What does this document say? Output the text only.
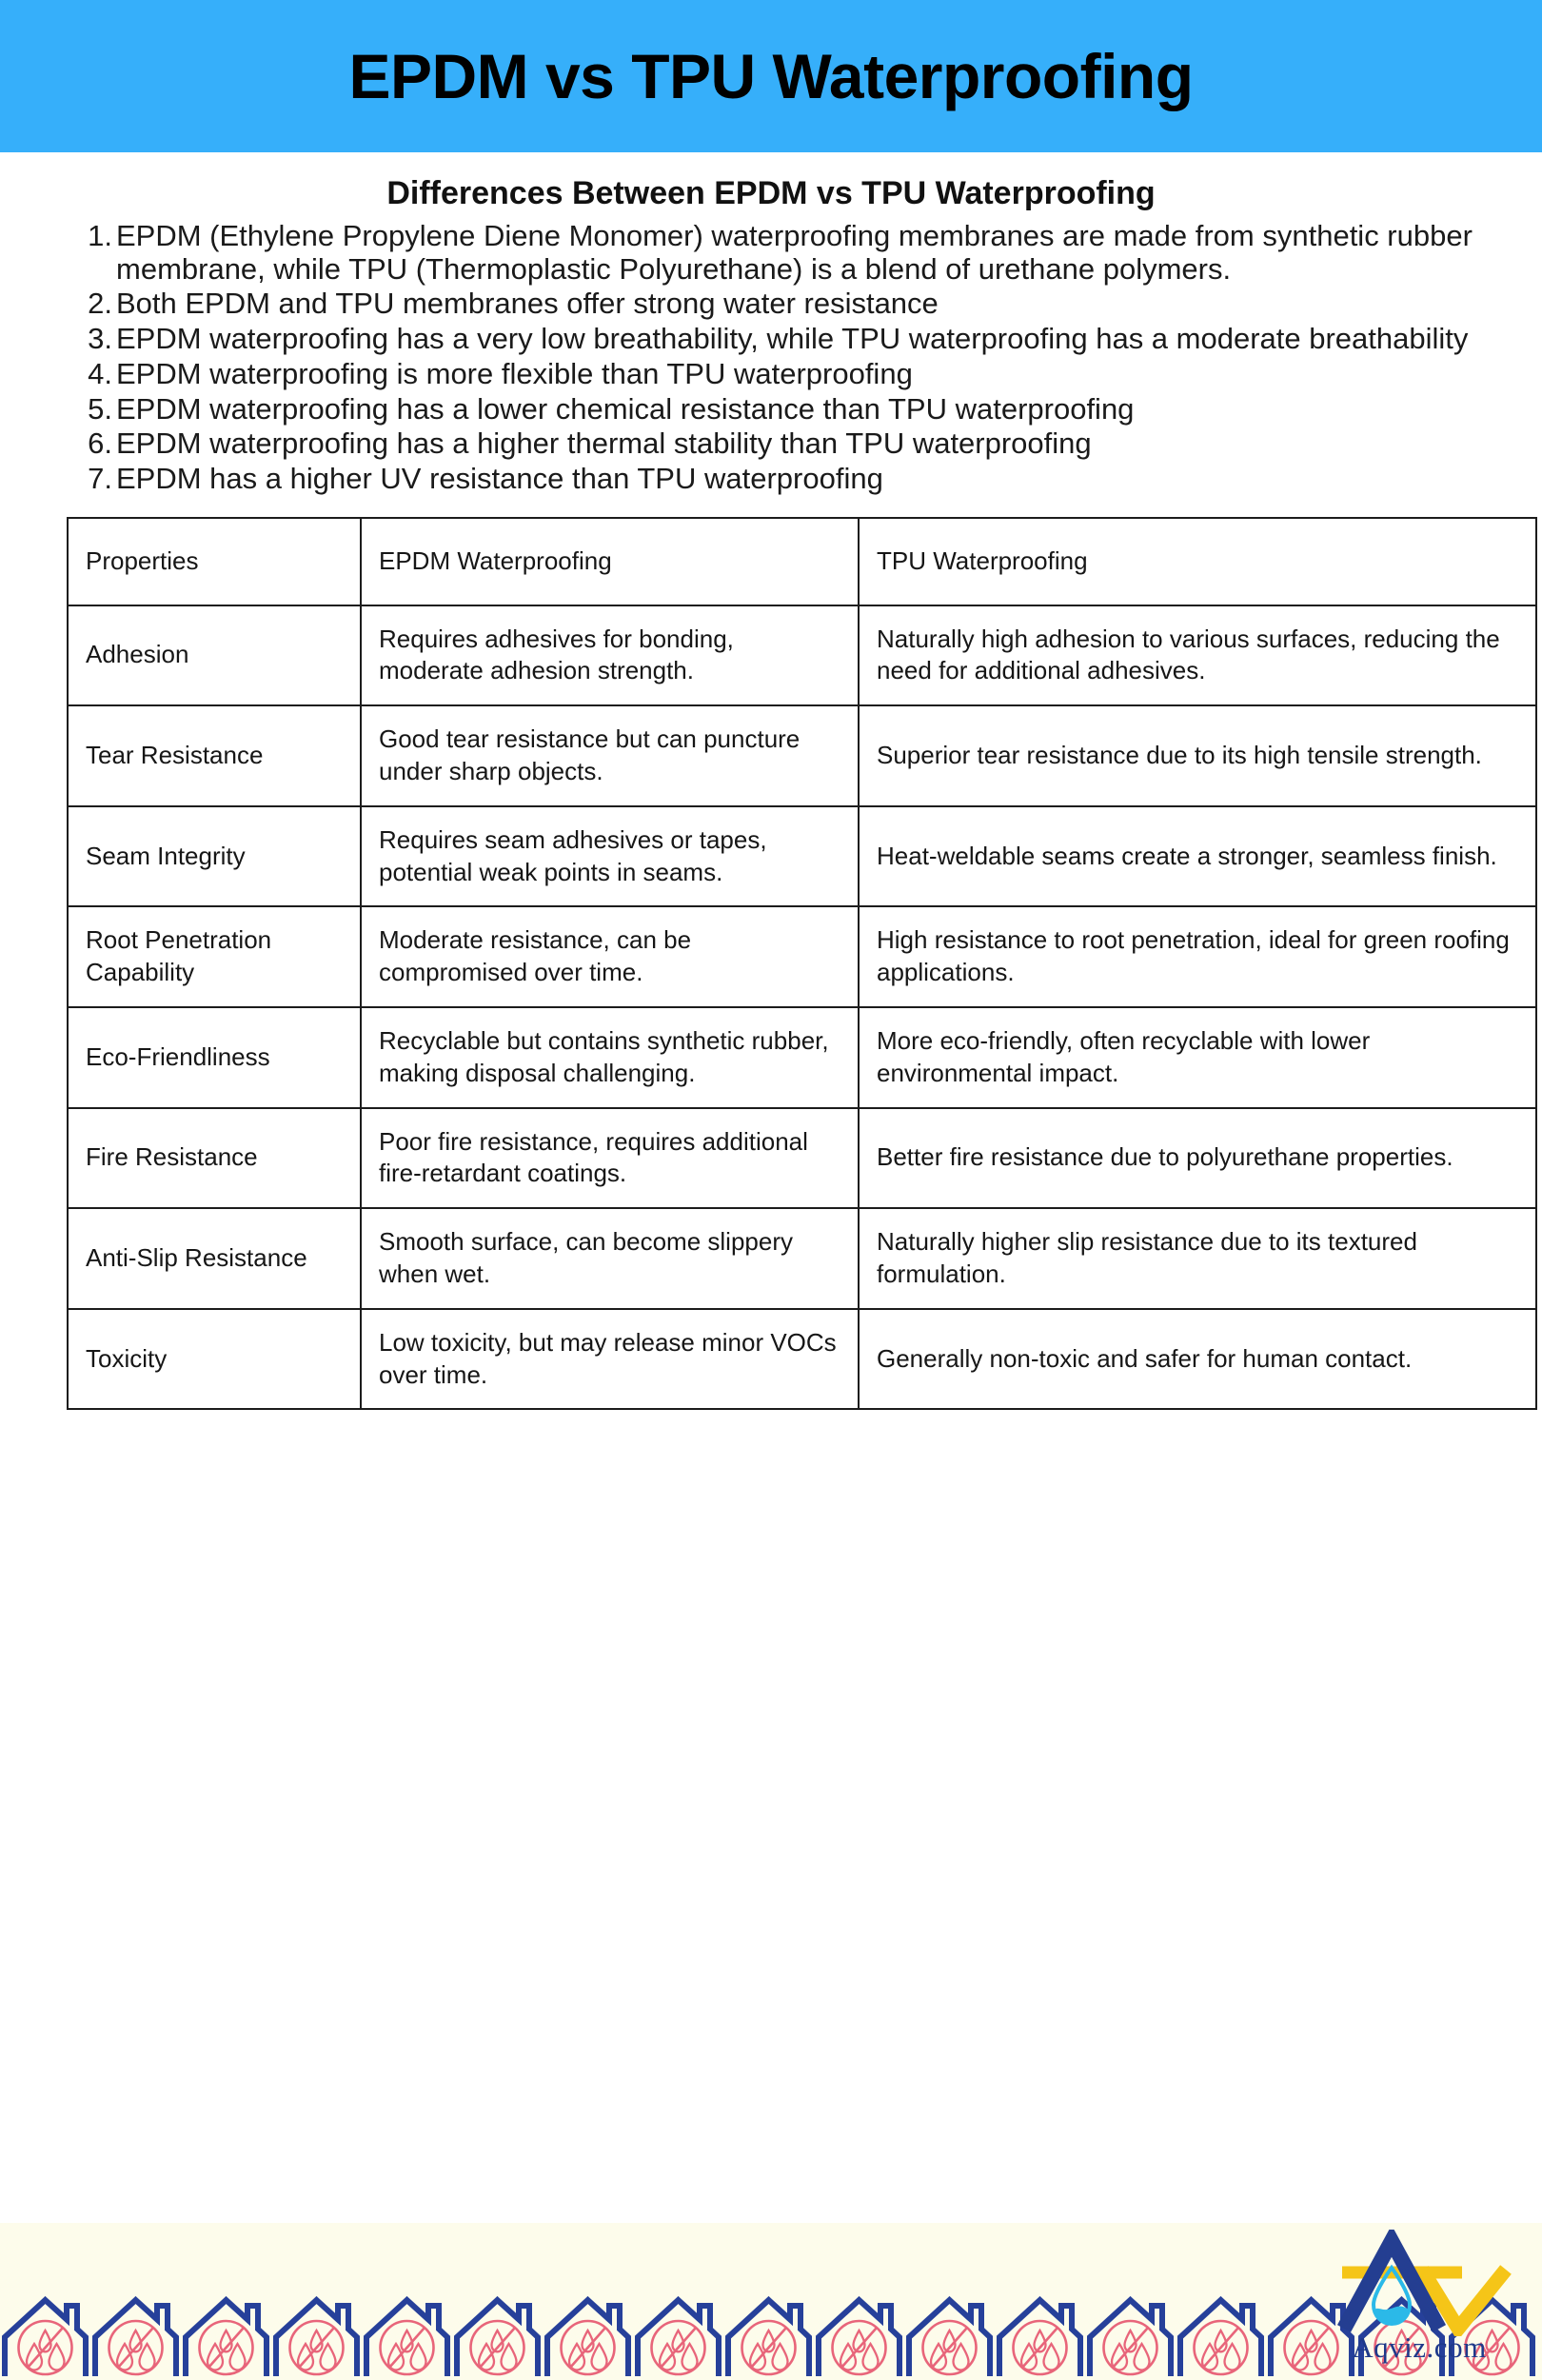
EPDM vs TPU Waterproofing
Differences Between EPDM vs TPU Waterproofing
EPDM (Ethylene Propylene Diene Monomer) waterproofing membranes are made from synthetic rubber membrane, while TPU (Thermoplastic Polyurethane) is a blend of urethane polymers.
Both EPDM and TPU membranes offer strong water resistance
EPDM waterproofing has a very low breathability, while TPU waterproofing has a moderate breathability
EPDM waterproofing is more flexible than TPU waterproofing
EPDM waterproofing has a lower chemical resistance than TPU waterproofing
EPDM waterproofing has a higher thermal stability than TPU waterproofing
EPDM has a higher UV resistance than TPU waterproofing
Properties	EPDM Waterproofing	TPU Waterproofing
Adhesion	Requires adhesives for bonding, moderate adhesion strength.	Naturally high adhesion to various surfaces, reducing the need for additional adhesives.
Tear Resistance	Good tear resistance but can puncture under sharp objects.	Superior tear resistance due to its high tensile strength.
Seam Integrity	Requires seam adhesives or tapes, potential weak points in seams.	Heat-weldable seams create a stronger, seamless finish.
Root Penetration Capability	Moderate resistance, can be compromised over time.	High resistance to root penetration, ideal for green roofing applications.
Eco-Friendliness	Recyclable but contains synthetic rubber, making disposal challenging.	More eco-friendly, often recyclable with lower environmental impact.
Fire Resistance	Poor fire resistance, requires additional fire-retardant coatings.	Better fire resistance due to polyurethane properties.
Anti-Slip Resistance	Smooth surface, can become slippery when wet.	Naturally higher slip resistance due to its textured formulation.
Toxicity	Low toxicity, but may release minor VOCs over time.	Generally non-toxic and safer for human contact.
Aqviz.com
